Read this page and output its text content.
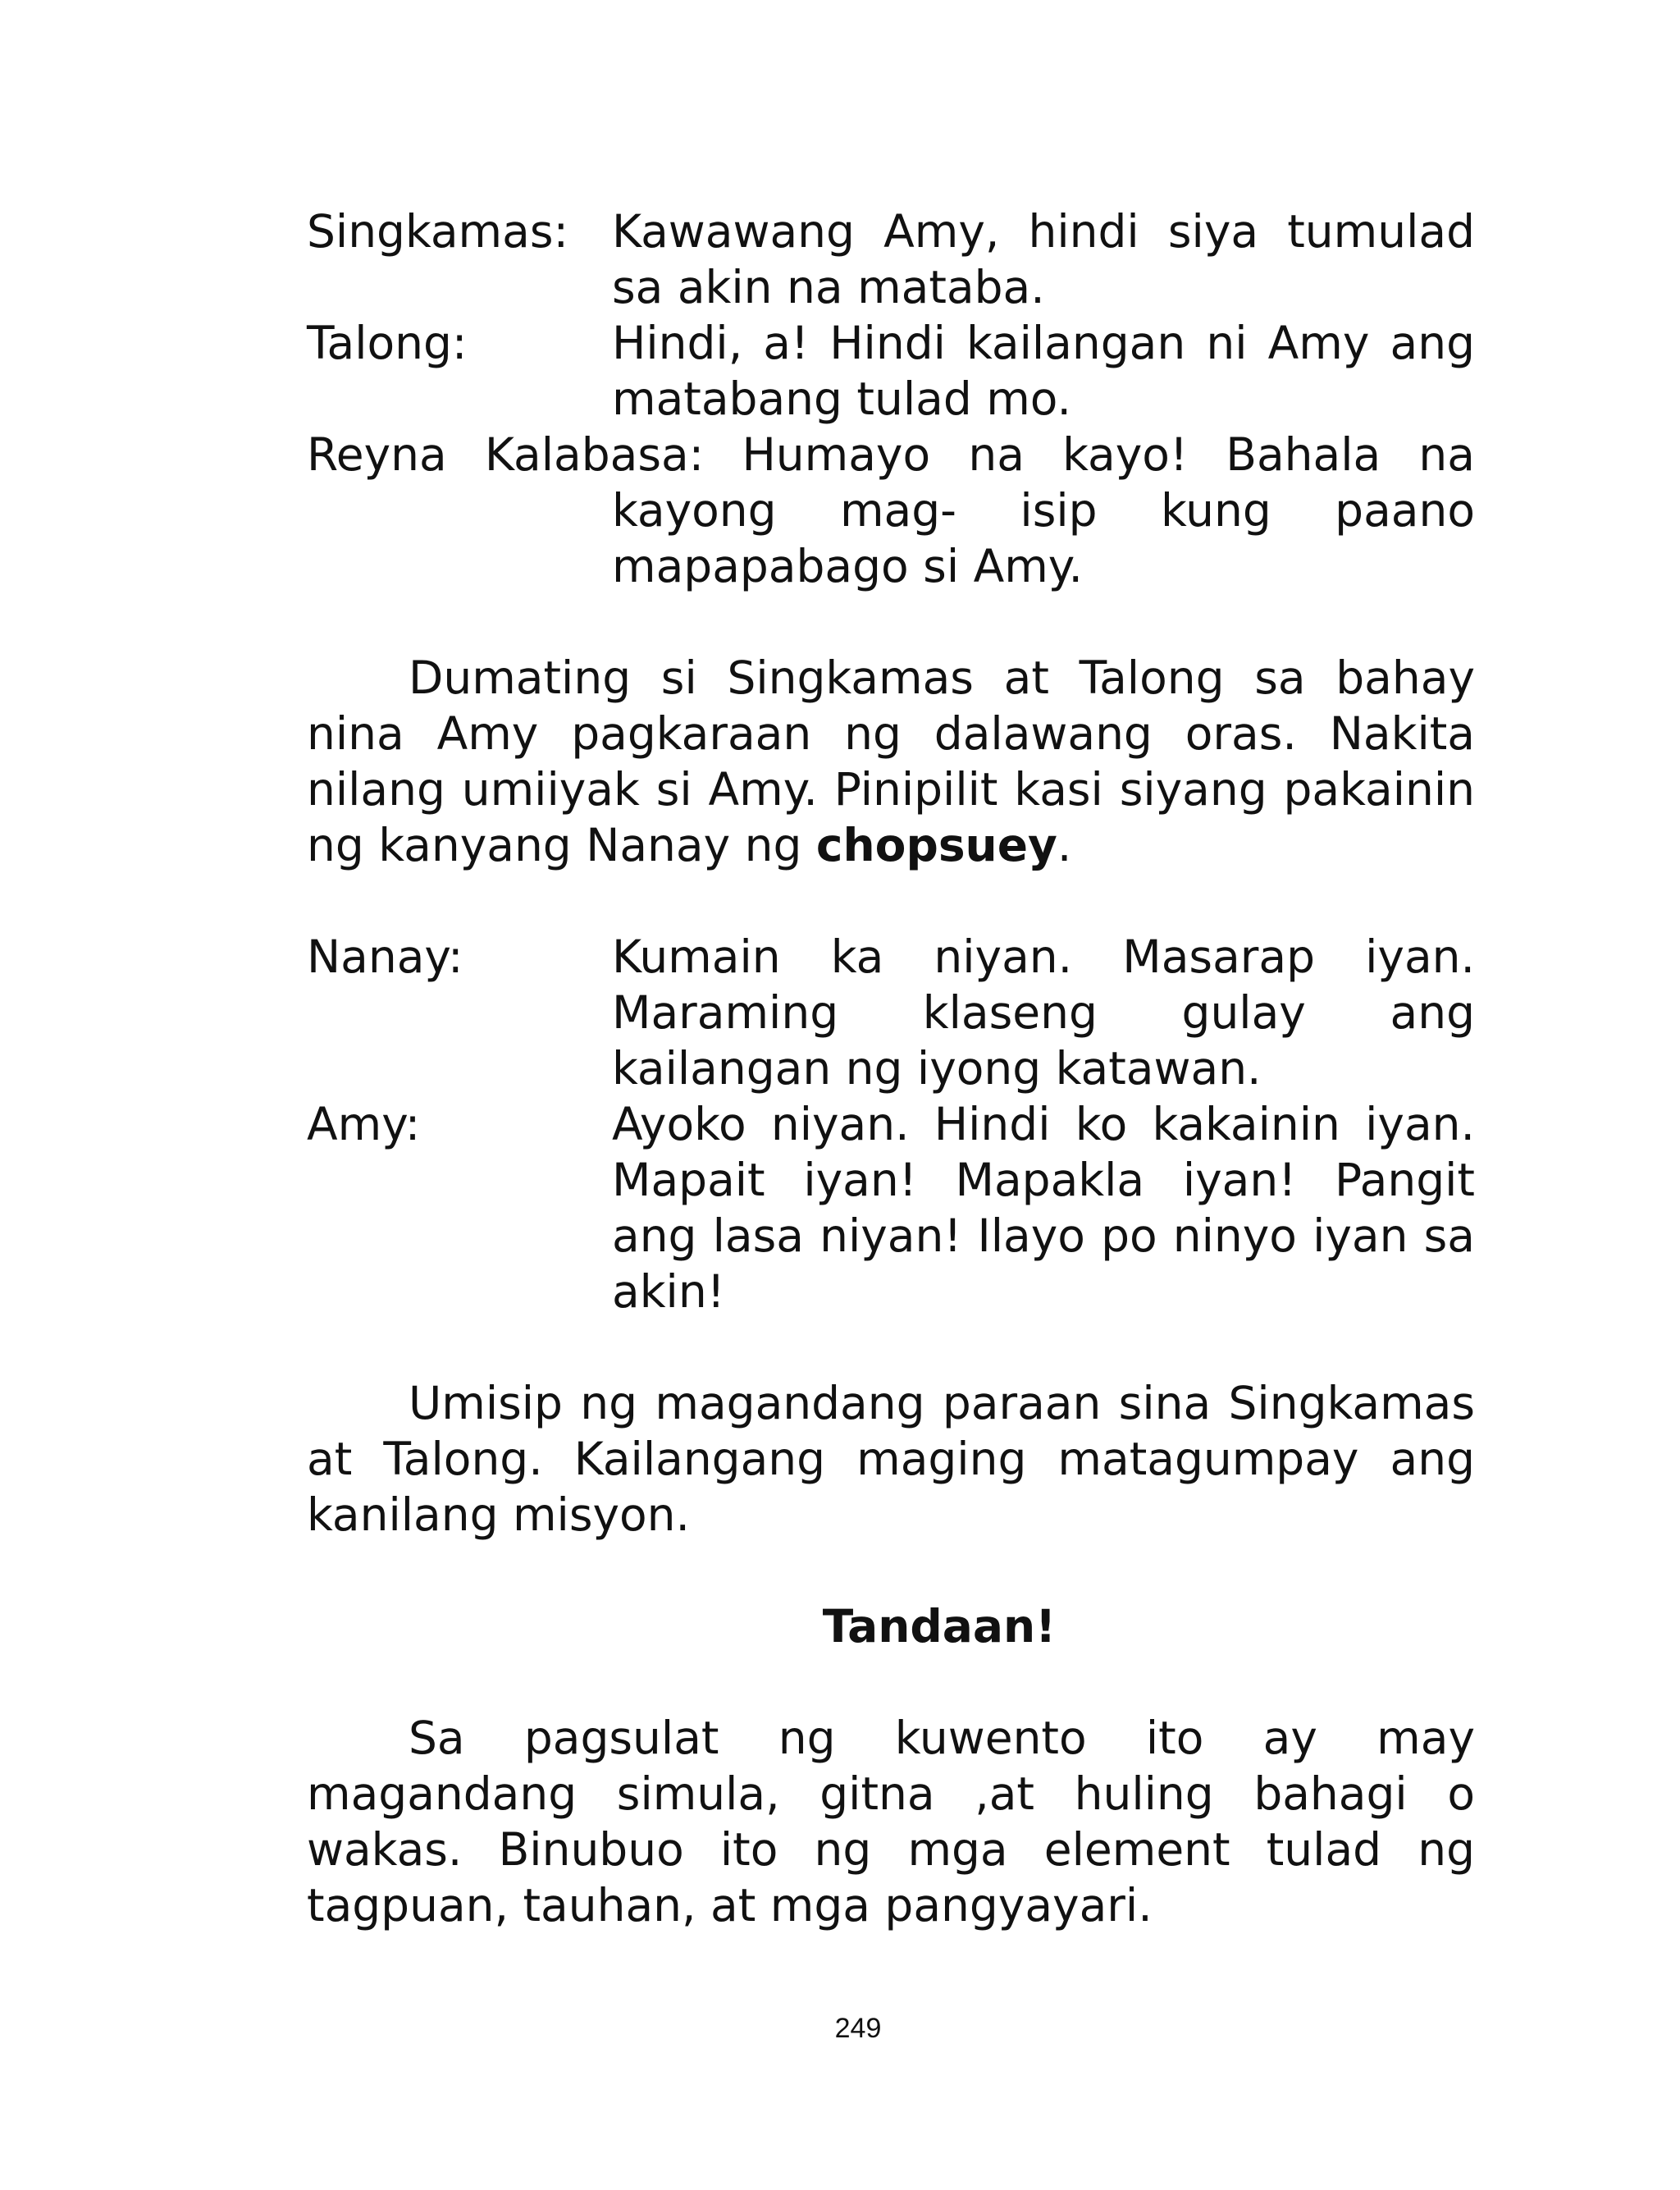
Singkamas: Kawawang Amy, hindi siya tumulad sa akin na mataba.
Talong:	Hindi, a! Hindi kailangan ni Amy ang matabang tulad mo.
Reyna Kalabasa: Humayo na kayo! Bahala na
kayong mag- isip kung paano
mapapabago si Amy.

Dumating si Singkamas at Talong sa bahay nina Amy pagkaraan ng dalawang oras. Nakita nilang umiiyak si Amy. Pinipilit kasi siyang pakainin ng kanyang Nanay ng chopsuey.

Nanay:	Kumain ka niyan. Masarap iyan. Maraming klaseng gulay ang kailangan ng iyong katawan.
Amy:	Ayoko niyan. Hindi ko kakainin iyan. Mapait iyan! Mapakla iyan! Pangit ang lasa niyan! Ilayo po ninyo iyan sa akin!

Umisip ng magandang paraan sina Singkamas at Talong. Kailangang maging matagumpay ang kanilang misyon.

Tandaan!

Sa pagsulat ng kuwento ito ay may magandang simula, gitna ,at huling bahagi o wakas. Binubuo ito ng mga element tulad ng tagpuan, tauhan, at mga pangyayari.

249
